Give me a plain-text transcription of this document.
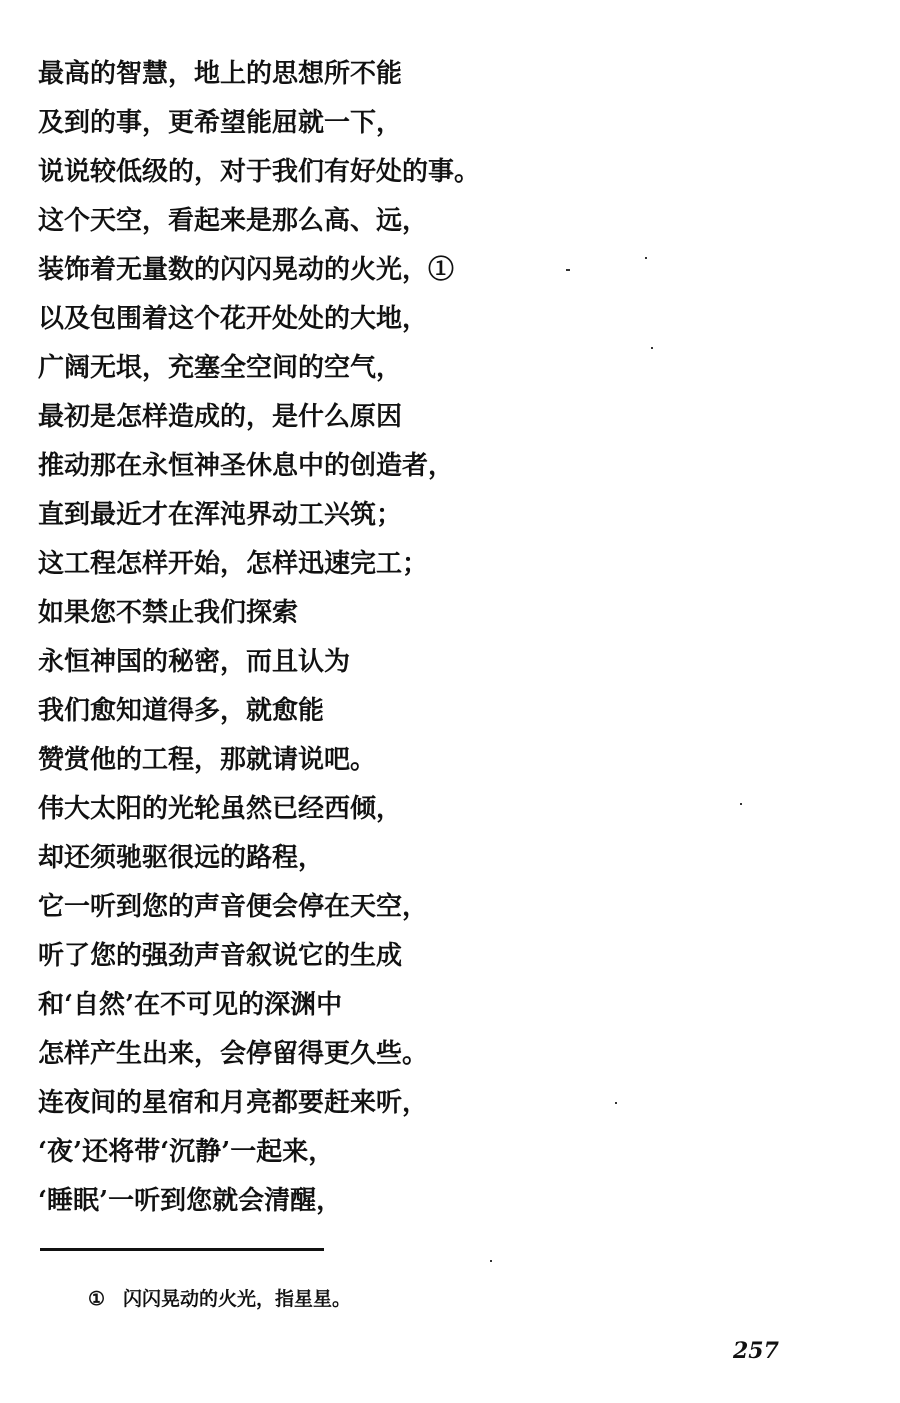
最高的智慧，地上的思想所不能
及到的事，更希望能屈就一下，
说说较低级的，对于我们有好处的事。
这个天空，看起来是那么高、远，
装饰着无量数的闪闪晃动的火光，①
以及包围着这个花开处处的大地，
广阔无垠，充塞全空间的空气，
最初是怎样造成的，是什么原因
推动那在永恒神圣休息中的创造者，
直到最近才在浑沌界动工兴筑；
这工程怎样开始，怎样迅速完工；
如果您不禁止我们探索
永恒神国的秘密，而且认为
我们愈知道得多，就愈能
赞赏他的工程，那就请说吧。
伟大太阳的光轮虽然已经西倾，
却还须驰驱很远的路程，
它一听到您的声音便会停在天空，
听了您的强劲声音叙说它的生成
和‘自然’在不可见的深渊中
怎样产生出来，会停留得更久些。
连夜间的星宿和月亮都要赶来听，
‘夜’还将带‘沉静’一起来，
‘睡眠’一听到您就会清醒，
① 闪闪晃动的火光，指星星。
257
